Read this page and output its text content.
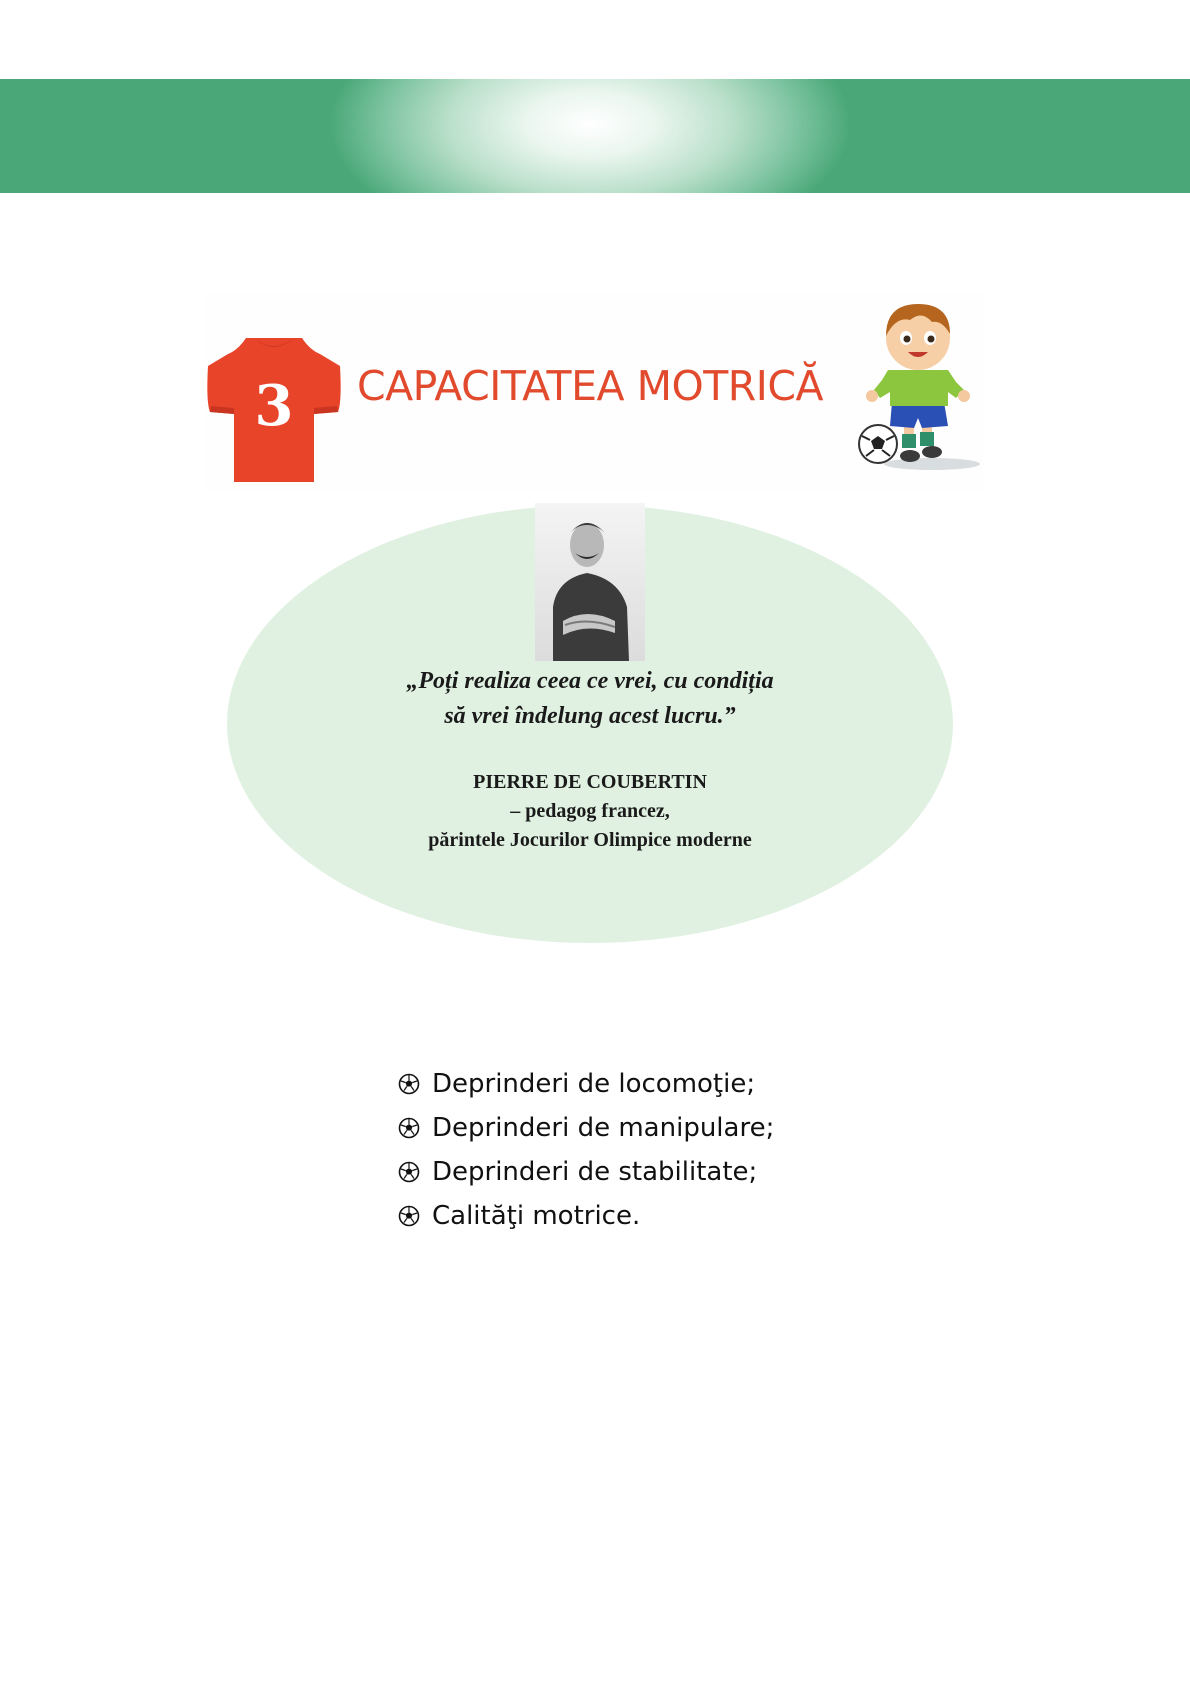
3	CAPACITATEA MOTRICĂ
„Poți realiza ceea ce vrei, cu condiția
să vrei îndelung acest lucru.”
PIERRE DE COUBERTIN
– pedagog francez,
părintele Jocurilor Olimpice moderne
Deprinderi de locomoţie;
Deprinderi de manipulare;
Deprinderi de stabilitate;
Calităţi motrice.
